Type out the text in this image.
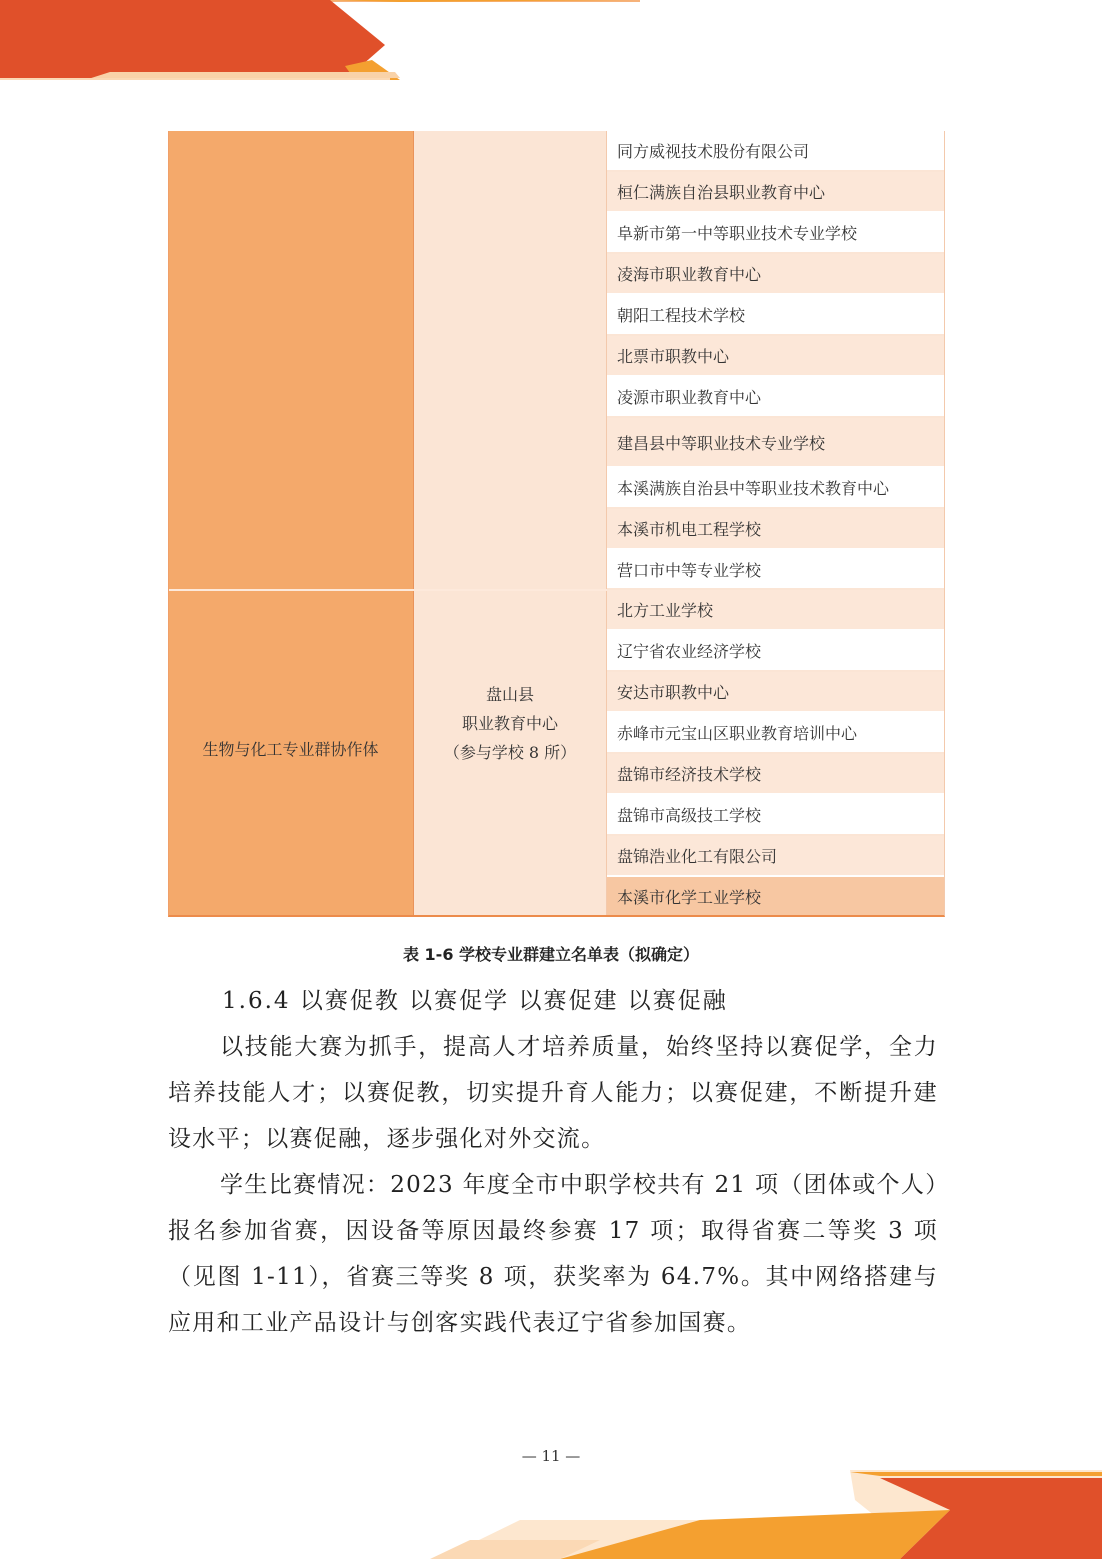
生物与化工专业群协作体
盘山县
职业教育中心
（参与学校 8 所）
同方威视技术股份有限公司
桓仁满族自治县职业教育中心
阜新市第一中等职业技术专业学校
凌海市职业教育中心
朝阳工程技术学校
北票市职教中心
凌源市职业教育中心
建昌县中等职业技术专业学校
本溪满族自治县中等职业技术教育中心
本溪市机电工程学校
营口市中等专业学校
北方工业学校
辽宁省农业经济学校
安达市职教中心
赤峰市元宝山区职业教育培训中心
盘锦市经济技术学校
盘锦市高级技工学校
盘锦浩业化工有限公司
本溪市化学工业学校
表 1-6 学校专业群建立名单表（拟确定）
1.6.4 以赛促教 以赛促学 以赛促建 以赛促融

以技能大赛为抓手，提高人才培养质量，始终坚持以赛促学，全力培养技能人才；以赛促教，切实提升育人能力；以赛促建，不断提升建设水平；以赛促融，逐步强化对外交流。

学生比赛情况：2023 年度全市中职学校共有 21 项（团体或个人）报名参加省赛，因设备等原因最终参赛 17 项；取得省赛二等奖 3 项（见图 1-11），省赛三等奖 8 项，获奖率为 64.7%。其中网络搭建与应用和工业产品设计与创客实践代表辽宁省参加国赛。

— 11 —
